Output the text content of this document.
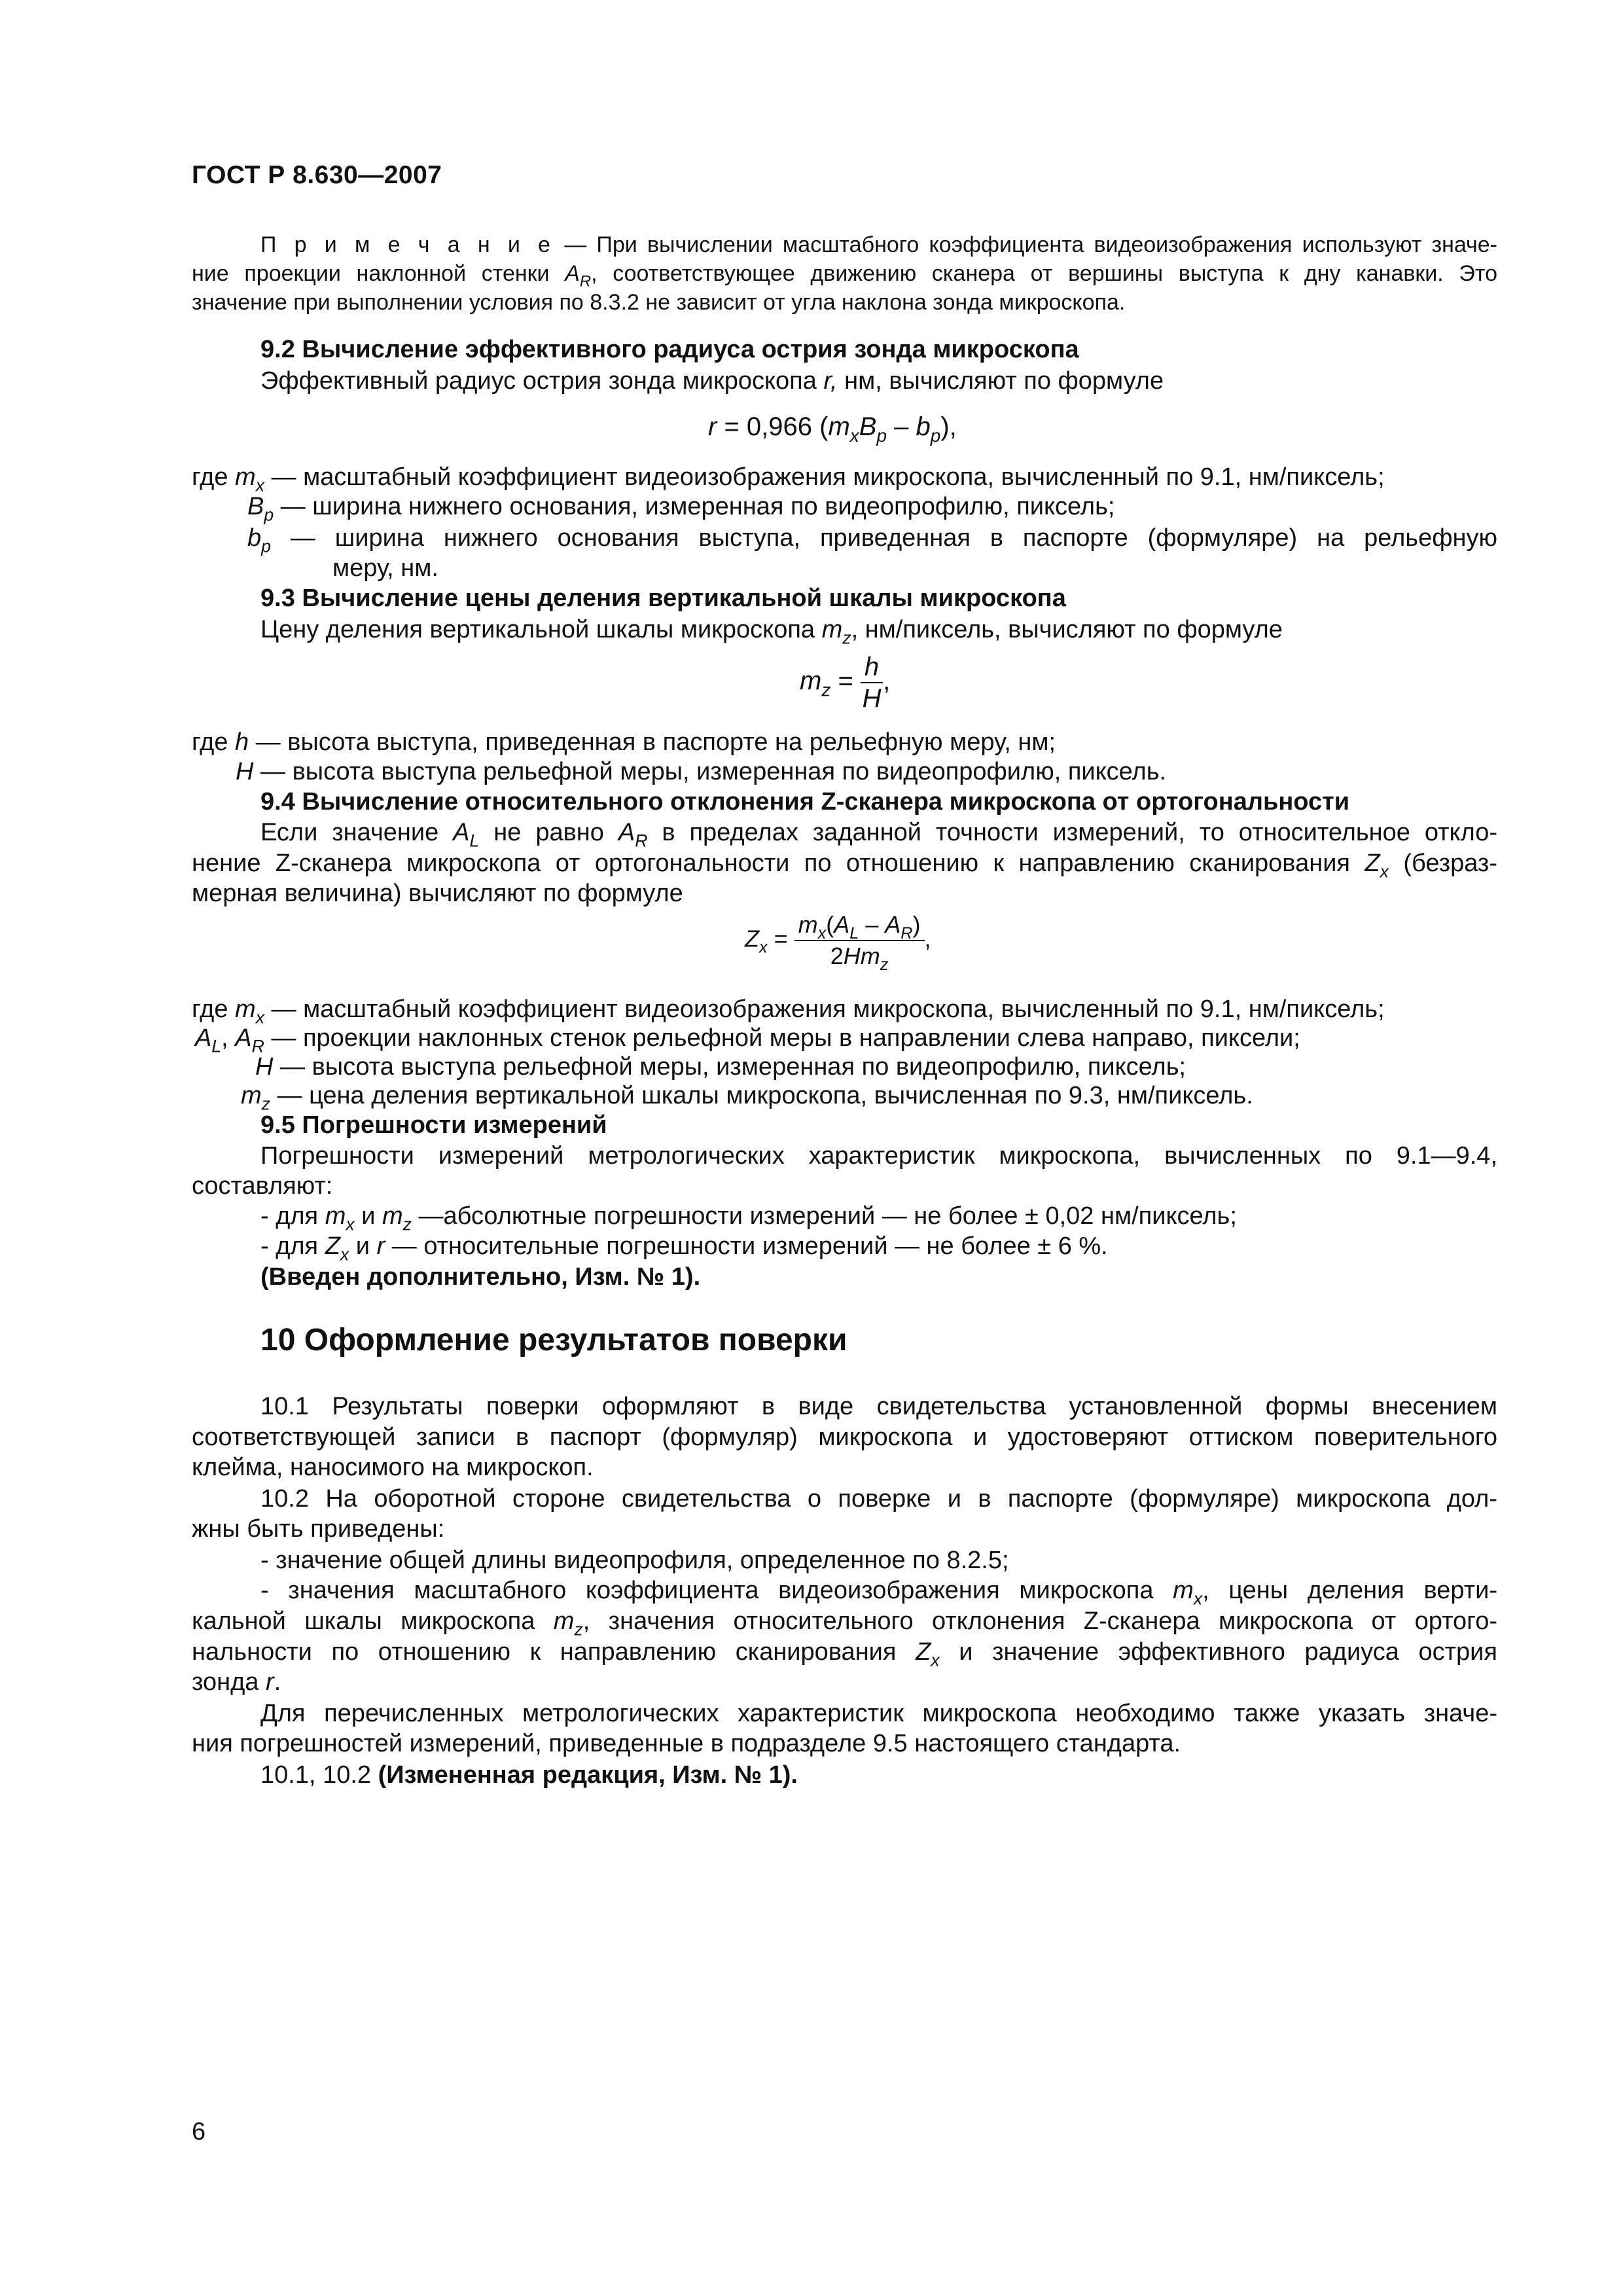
ГОСТ Р 8.630—2007
П р и м е ч а н и е — При вычислении масштабного коэффициента видеоизображения используют значе-
ние проекции наклонной стенки $A_R$, соответствующее движению сканера от вершины выступа к дну канавки. Это
значение при выполнении условия по 8.3.2 не зависит от угла наклона зонда микроскопа.
9.2 Вычисление эффективного радиуса острия зонда микроскопа
Эффективный радиус острия зонда микроскопа r, нм, вычисляют по формуле
r = 0,966 $(m_xB_p - b_p)$,
где $m_x$ — масштабный коэффициент видеоизображения микроскопа, вычисленный по 9.1, нм/пиксель;
$B_p$ — ширина нижнего основания, измеренная по видеопрофилю, пиксель;
$b_p$ — ширина нижнего основания выступа, приведенная в паспорте (формуляре) на рельефную
меру, нм.
9.3 Вычисление цены деления вертикальной шкалы микроскопа
Цену деления вертикальной шкалы микроскопа $m_z$, нм/пиксель, вычисляют по формуле
$m_z = \frac{h}{H}$ ,
где h — высота выступа, приведенная в паспорте на рельефную меру, нм;
H — высота выступа рельефной меры, измеренная по видеопрофилю, пиксель.
9.4 Вычисление относительного отклонения Z-сканера микроскопа от ортогональности
Если значение $A_L$ не равно $A_R$ в пределах заданной точности измерений, то относительное откло-
нение Z-сканера микроскопа от ортогональности по отношению к направлению сканирования $Z_x$ (безраз-
мерная величина) вычисляют по формуле
$Z_x = \frac{m_x(A_L - A_R)}{2Hm_z}$ ,
где $m_x$ — масштабный коэффициент видеоизображения микроскопа, вычисленный по 9.1, нм/пиксель;
$A_L$, $A_R$ — проекции наклонных стенок рельефной меры в направлении слева направо, пиксели;
H — высота выступа рельефной меры, измеренная по видеопрофилю, пиксель;
$m_z$ — цена деления вертикальной шкалы микроскопа, вычисленная по 9.3, нм/пиксель.
9.5 Погрешности измерений
Погрешности измерений метрологических характеристик микроскопа, вычисленных по 9.1—9.4,
составляют:
- для $m_x$ и $m_z$ —абсолютные погрешности измерений — не более ± 0,02 нм/пиксель;
- для $Z_x$ и r — относительные погрешности измерений — не более ± 6 %.
(Введен дополнительно, Изм. № 1).
10 Оформление результатов поверки
10.1 Результаты поверки оформляют в виде свидетельства установленной формы внесением
соответствующей записи в паспорт (формуляр) микроскопа и удостоверяют оттиском поверительного
клейма, наносимого на микроскоп.
10.2 На оборотной стороне свидетельства о поверке и в паспорте (формуляре) микроскопа дол-
жны быть приведены:
- значение общей длины видеопрофиля, определенное по 8.2.5;
- значения масштабного коэффициента видеоизображения микроскопа $m_x$, цены деления верти-
кальной шкалы микроскопа $m_z$, значения относительного отклонения Z-сканера микроскопа от ортого-
нальности по отношению к направлению сканирования $Z_x$ и значение эффективного радиуса острия
зонда r.
Для перечисленных метрологических характеристик микроскопа необходимо также указать значе-
ния погрешностей измерений, приведенные в подразделе 9.5 настоящего стандарта.
10.1, 10.2 (Измененная редакция, Изм. № 1).
6
